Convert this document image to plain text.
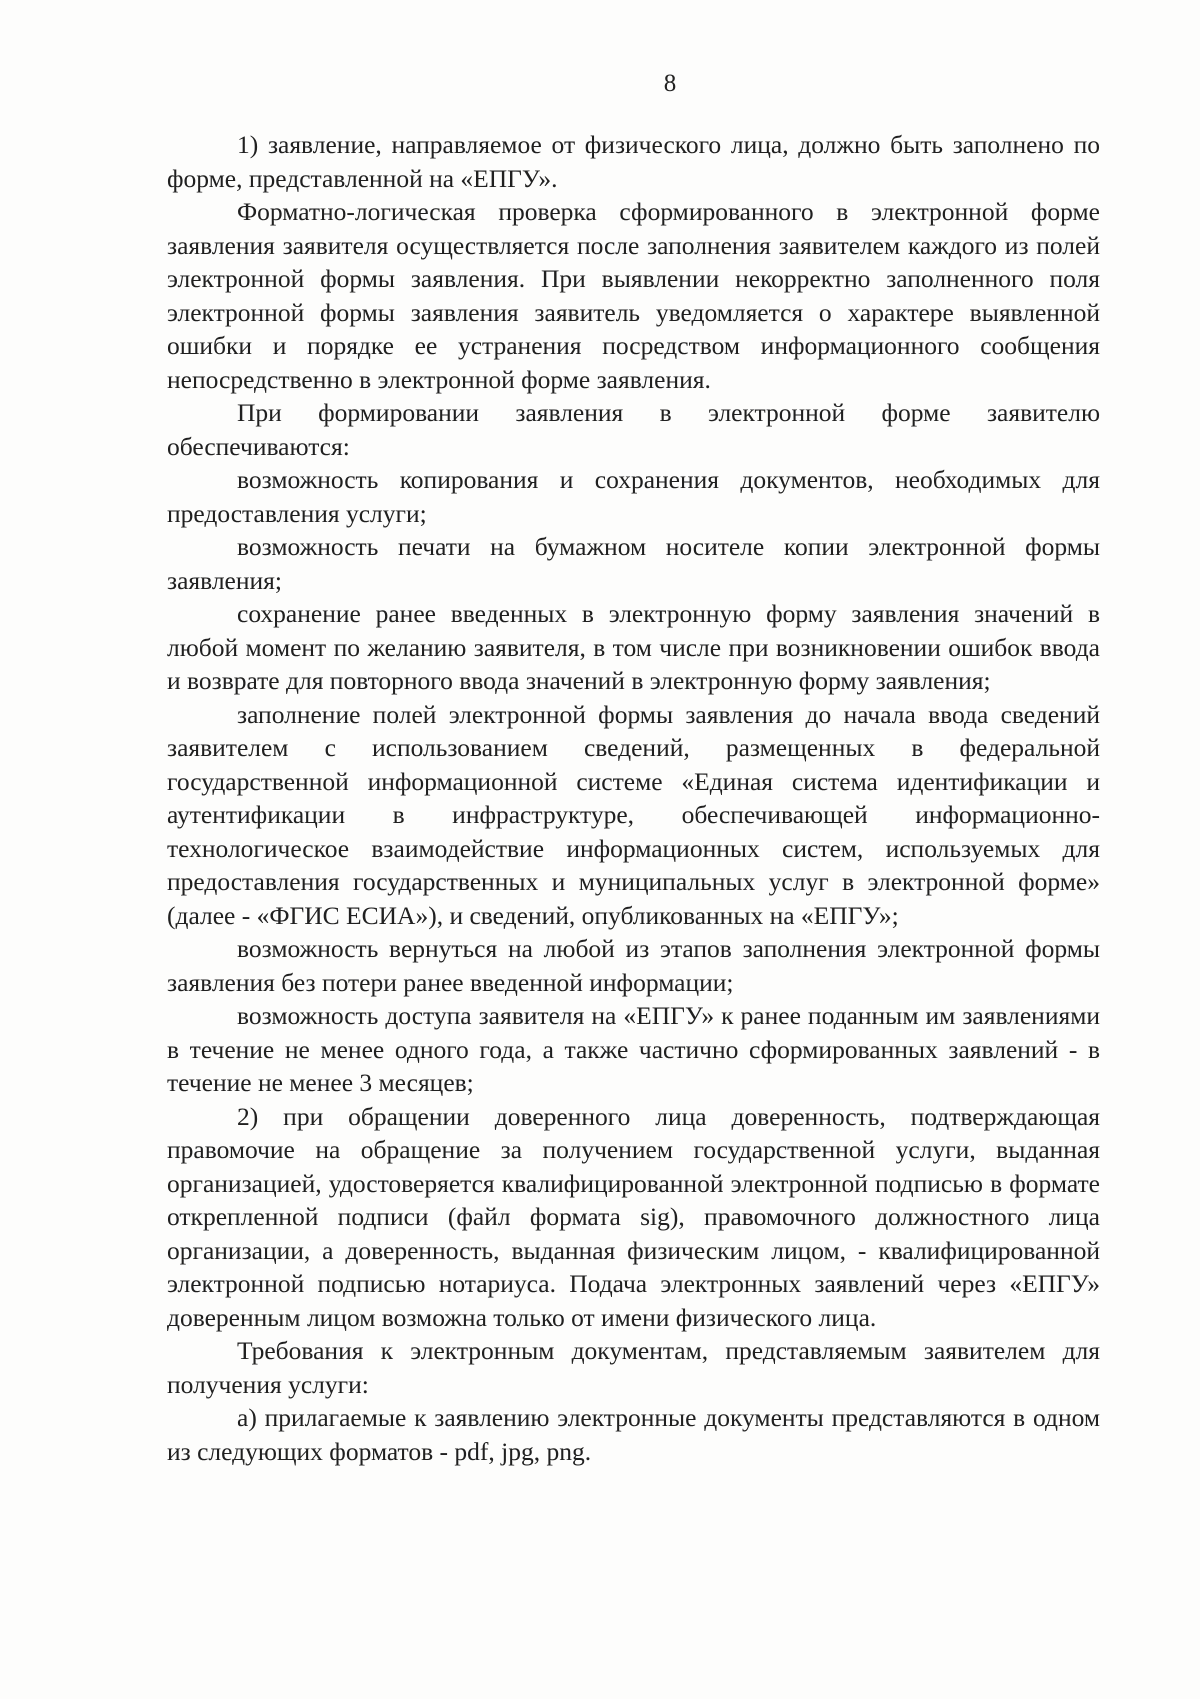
8

1) заявление, направляемое от физического лица, должно быть заполнено по форме, представленной на «ЕПГУ».

Форматно-логическая проверка сформированного в электронной форме заявления заявителя осуществляется после заполнения заявителем каждого из полей электронной формы заявления. При выявлении некорректно заполненного поля электронной формы заявления заявитель уведомляется о характере выявленной ошибки и порядке ее устранения посредством информационного сообщения непосредственно в электронной форме заявления.

При формировании заявления в электронной форме заявителю обеспечиваются:

возможность копирования и сохранения документов, необходимых для предоставления услуги;

возможность печати на бумажном носителе копии электронной формы заявления;

сохранение ранее введенных в электронную форму заявления значений в любой момент по желанию заявителя, в том числе при возникновении ошибок ввода и возврате для повторного ввода значений в электронную форму заявления;

заполнение полей электронной формы заявления до начала ввода сведений заявителем с использованием сведений, размещенных в федеральной государственной информационной системе «Единая система идентификации и аутентификации в инфраструктуре, обеспечивающей информационно-технологическое взаимодействие информационных систем, используемых для предоставления государственных и муниципальных услуг в электронной форме» (далее - «ФГИС ЕСИА»), и сведений, опубликованных на «ЕПГУ»;

возможность вернуться на любой из этапов заполнения электронной формы заявления без потери ранее введенной информации;

возможность доступа заявителя на «ЕПГУ» к ранее поданным им заявлениями в течение не менее одного года, а также частично сформированных заявлений - в течение не менее 3 месяцев;

2) при обращении доверенного лица доверенность, подтверждающая правомочие на обращение за получением государственной услуги, выданная организацией, удостоверяется квалифицированной электронной подписью в формате открепленной подписи (файл формата sig), правомочного должностного лица организации, а доверенность, выданная физическим лицом, - квалифицированной электронной подписью нотариуса. Подача электронных заявлений через «ЕПГУ» доверенным лицом возможна только от имени физического лица.

Требования к электронным документам, представляемым заявителем для получения услуги:

а) прилагаемые к заявлению электронные документы представляются в одном из следующих форматов - pdf, jpg, png.
